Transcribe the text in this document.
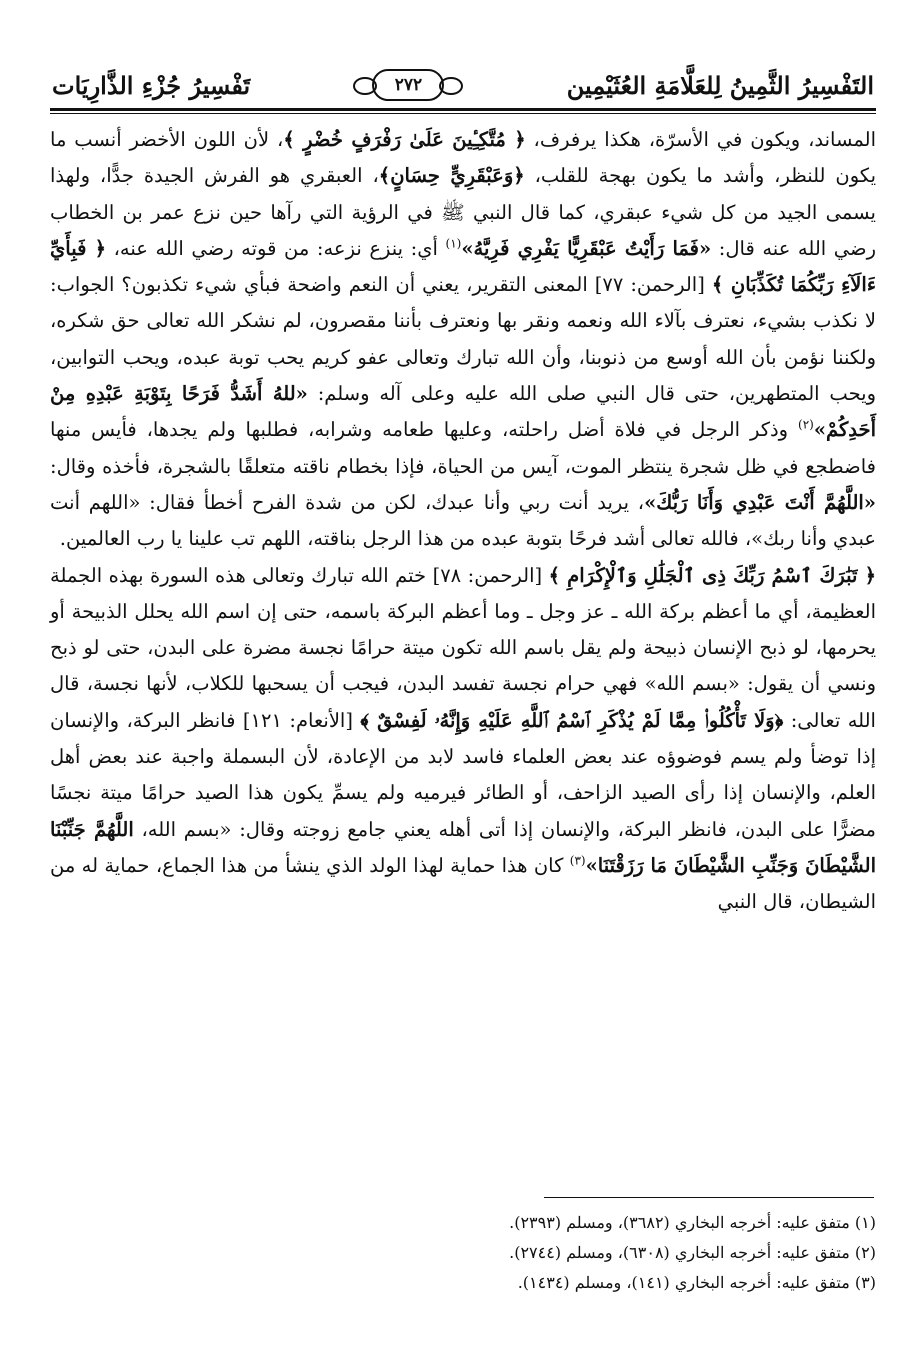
التَفْسِيرُ الثَّمِينُ لِلعَلَّامَةِ العُثَيْمِين
٢٧٢
تَفْسِيرُ جُزْءِ الذَّارِيَات

المساند، ويكون في الأسرّة، هكذا يرفرف، ﴿ مُتَّكِـِٔينَ عَلَىٰ رَفْرَفٍ خُضْرٍ ﴾، لأن اللون الأخضر أنسب ما يكون للنظر، وأشد ما يكون بهجة للقلب، ﴿وَعَبْقَرِيٍّ حِسَانٍ﴾، العبقري هو الفرش الجيدة جدًّا، ولهذا يسمى الجيد من كل شيء عبقري، كما قال النبي ﷺ في الرؤية التي رآها حين نزع عمر بن الخطاب رضي الله عنه قال: «فَمَا رَأَيْتُ عَبْقَرِيًّا يَفْرِي فَرِيَّهُ»$^{(١)}$ أي: ينزع نزعه: من قوته رضي الله عنه، ﴿ فَبِأَيِّ ءَالَآءِ رَبِّكُمَا تُكَذِّبَانِ ﴾ [الرحمن: ٧٧] المعنى التقرير، يعني أن النعم واضحة فبأي شيء تكذبون؟ الجواب: لا نكذب بشيء، نعترف بآلاء الله ونعمه ونقر بها ونعترف بأننا مقصرون، لم نشكر الله تعالى حق شكره، ولكننا نؤمن بأن الله أوسع من ذنوبنا، وأن الله تبارك وتعالى عفو كريم يحب توبة عبده، ويحب التوابين، ويحب المتطهرين، حتى قال النبي صلى الله عليه وعلى آله وسلم: «للهُ أَشَدُّ فَرَحًا بِتَوْبَةِ عَبْدِهِ مِنْ أَحَدِكُمْ»$^{(٢)}$ وذكر الرجل في فلاة أضل راحلته، وعليها طعامه وشرابه، فطلبها ولم يجدها، فأيس منها فاضطجع في ظل شجرة ينتظر الموت، آيس من الحياة، فإذا بخطام ناقته متعلقًا بالشجرة، فأخذه وقال: «اللَّهُمَّ أَنْتَ عَبْدِي وَأَنَا رَبُّكَ»، يريد أنت ربي وأنا عبدك، لكن من شدة الفرح أخطأ فقال: «اللهم أنت عبدي وأنا ربك»، فالله تعالى أشد فرحًا بتوبة عبده من هذا الرجل بناقته، اللهم تب علينا يا رب العالمين.

﴿ تَبَٰرَكَ ٱسْمُ رَبِّكَ ذِى ٱلْجَلَٰلِ وَٱلْإِكْرَامِ ﴾ [الرحمن: ٧٨] ختم الله تبارك وتعالى هذه السورة بهذه الجملة العظيمة، أي ما أعظم بركة الله ـ عز وجل ـ وما أعظم البركة باسمه، حتى إن اسم الله يحلل الذبيحة أو يحرمها، لو ذبح الإنسان ذبيحة ولم يقل باسم الله تكون ميتة حرامًا نجسة مضرة على البدن، حتى لو ذبح ونسي أن يقول: «بسم الله» فهي حرام نجسة تفسد البدن، فيجب أن يسحبها للكلاب، لأنها نجسة، قال الله تعالى: ﴿وَلَا تَأْكُلُوا۟ مِمَّا لَمْ يُذْكَرِ ٱسْمُ ٱللَّهِ عَلَيْهِ وَإِنَّهُۥ لَفِسْقٌ ﴾ [الأنعام: ١٢١] فانظر البركة، والإنسان إذا توضأ ولم يسم فوضوؤه عند بعض العلماء فاسد لابد من الإعادة، لأن البسملة واجبة عند بعض أهل العلم، والإنسان إذا رأى الصيد الزاحف، أو الطائر فيرميه ولم يسمِّ يكون هذا الصيد حرامًا ميتة نجسًا مضرًّا على البدن، فانظر البركة، والإنسان إذا أتى أهله يعني جامع زوجته وقال: «بسم الله، اللَّهُمَّ جَنِّبْنَا الشَّيْطَانَ وَجَنِّبِ الشَّيْطَانَ مَا رَزَقْتَنَا»$^{(٣)}$ كان هذا حماية لهذا الولد الذي ينشأ من هذا الجماع، حماية له من الشيطان، قال النبي

(١) متفق عليه: أخرجه البخاري (٣٦٨٢)، ومسلم (٢٣٩٣).
(٢) متفق عليه: أخرجه البخاري (٦٣٠٨)، ومسلم (٢٧٤٤).
(٣) متفق عليه: أخرجه البخاري (١٤١)، ومسلم (١٤٣٤).
